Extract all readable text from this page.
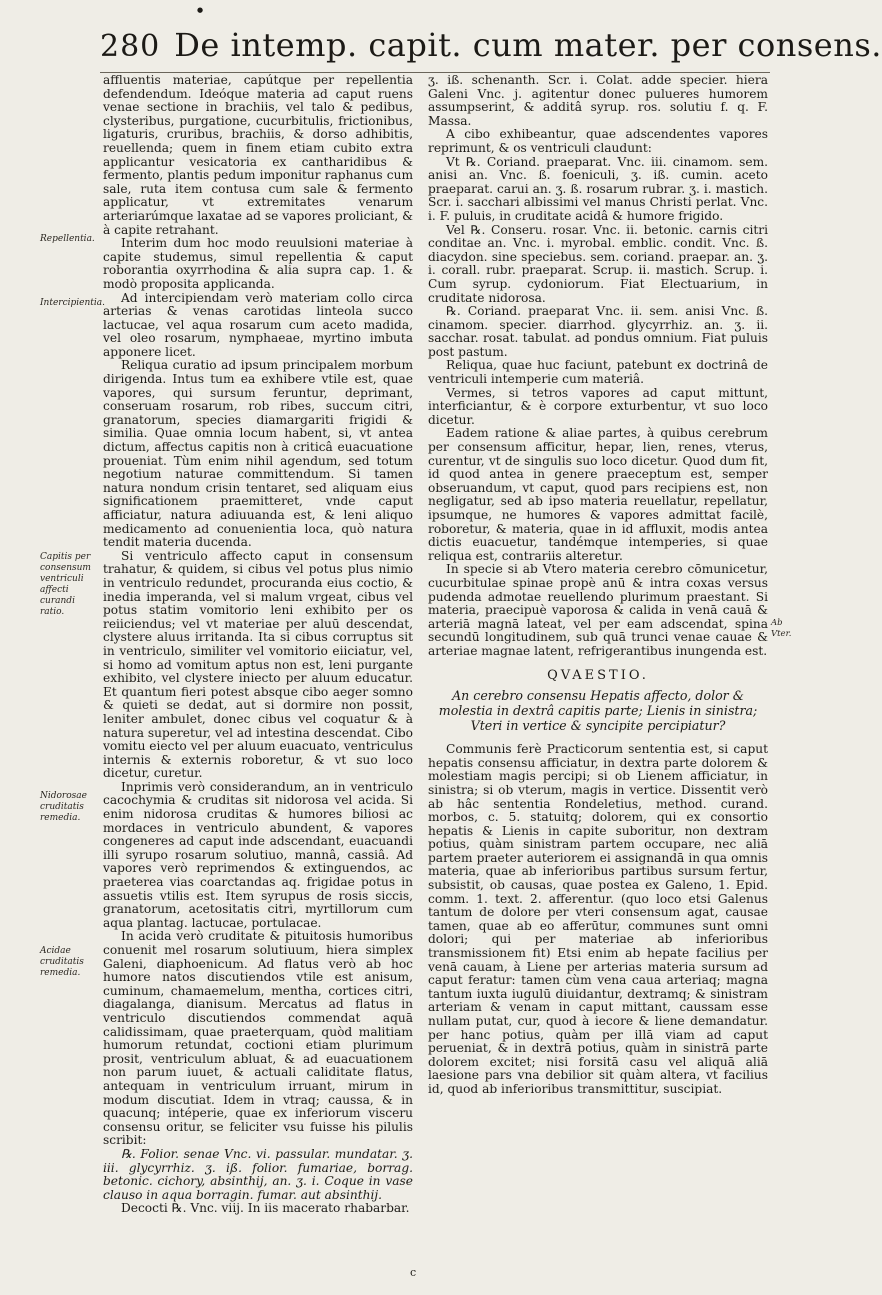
●
280 De intemp. capit. cum mater. per consens.
Repellentia.
Intercipientia.
Capitis per consensum ventriculi affecti curandi ratio.
Nidorosae cruditatis remedia.
Acidae cruditatis remedia.
Ab Vter.

affluentis materiae, capútque per repellentia defendendum. Ideóque materia ad caput ruens venae sectione in brachiis, vel talo & pedibus, clysteribus, purgatione, cucurbitulis, frictionibus, ligaturis, cruribus, brachiis, & dorso adhibitis, reuellenda; quem in finem etiam cubito extra applicantur vesicatoria ex cantharidibus & fermento, plantis pedum imponitur raphanus cum sale, ruta item contusa cum sale & fermento applicatur, vt extremitates venarum arteriarúmque laxatae ad se vapores proliciant, & à capite retrahant.

Interim dum hoc modo reuulsioni materiae à capite studemus, simul repellentia & caput roborantia oxyrrhodina & alia supra cap. 1. & modò proposita applicanda.

Ad intercipiendam verò materiam collo circa arterias & venas carotidas linteola succo lactucae, vel aqua rosarum cum aceto madida, vel oleo rosarum, nymphaeae, myrtino imbuta apponere licet.

Reliqua curatio ad ipsum principalem morbum dirigenda. Intus tum ea exhibere vtile est, quae vapores, qui sursum feruntur, deprimant, conseruam rosarum, rob ribes, succum citri, granatorum, species diamargariti frigidi & similia. Quae omnia locum habent, si, vt antea dictum, affectus capitis non à criticâ euacuatione proueniat. Tùm enim nihil agendum, sed totum negotium naturae committendum. Si tamen natura nondum crisin tentaret, sed aliquam eius significationem praemitteret, vnde caput afficiatur, natura adiuuanda est, & leni aliquo medicamento ad conuenientia loca, quò natura tendit materia ducenda.

Si ventriculo affecto caput in consensum trahatur, & quidem, si cibus vel potus plus nimio in ventriculo redundet, procuranda eius coctio, & inedia imperanda, vel si malum vrgeat, cibus vel potus statim vomitorio leni exhibito per os reiiciendus; vel vt materiae per aluū descendat, clystere aluus irritanda. Ita si cibus corruptus sit in ventriculo, similiter vel vomitorio eiiciatur, vel, si homo ad vomitum aptus non est, leni purgante exhibito, vel clystere iniecto per aluum educatur. Et quantum fieri potest absque cibo aeger somno & quieti se dedat, aut si dormire non possit, leniter ambulet, donec cibus vel coquatur & à natura superetur, vel ad intestina descendat. Cibo vomitu eiecto vel per aluum euacuato, ventriculus internis & externis roboretur, & vt suo loco dicetur, curetur.

Inprimis verò considerandum, an in ventriculo cacochymia & cruditas sit nidorosa vel acida. Si enim nidorosa cruditas & humores biliosi ac mordaces in ventriculo abundent, & vapores congeneres ad caput inde adscendant, euacuandi illi syrupo rosarum solutiuo, mannâ, cassiâ. Ad vapores verò reprimendos & extinguendos, ac praeterea vias coarctandas aq. frigidae potus in assuetis vtilis est. Item syrupus de rosis siccis, granatorum, acetositatis citri, myrtillorum cum aqua plantag. lactucae, portulacae.

In acida verò cruditate & pituitosis humoribus conuenit mel rosarum solutiuum, hiera simplex Galeni, diaphoenicum. Ad flatus verò ab hoc humore natos discutiendos vtile est anisum, cuminum, chamaemelum, mentha, cortices citri, diagalanga, dianisum. Mercatus ad flatus in ventriculo discutiendos commendat aquā calidissimam, quae praeterquam, quòd malitiam humorum retundat, coctioni etiam plurimum prosit, ventriculum abluat, & ad euacuationem non parum iuuet, & actuali caliditate flatus, antequam in ventriculum irruant, mirum in modum discutiat. Idem in vtraq; caussa, & in quacunq; intéperie, quae ex inferiorum visceru consensu oritur, se feliciter vsu fuisse his pilulis scribit:

℞. Folior. senae Vnc. vi. passular. mundatar. ʒ. iii. glycyrrhiz. ʒ. iß. folior. fumariae, borrag. betonic. cichory, absinthij, an. ʒ. i. Coque in vase clauso in aqua borragin. fumar. aut absinthij.

Decocti ℞. Vnc. viij. In iis macerato rhabarbar.

ʒ. iß. schenanth. Scr. i. Colat. adde specier. hiera Galeni Vnc. j. agitentur donec pulueres humorem assumpserint, & additâ syrup. ros. solutiu f. q. F. Massa.

A cibo exhibeantur, quae adscendentes vapores reprimunt, & os ventriculi claudunt:

Vt ℞. Coriand. praeparat. Vnc. iii. cinamom. sem. anisi an. Vnc. ß. foeniculi, ʒ. iß. cumin. aceto praeparat. carui an. ʒ. ß. rosarum rubrar. ʒ. i. mastich. Scr. i. sacchari albissimi vel manus Christi perlat. Vnc. i. F. puluis, in cruditate acidâ & humore frigido.

Vel ℞. Conseru. rosar. Vnc. ii. betonic. carnis citri conditae an. Vnc. i. myrobal. emblic. condit. Vnc. ß. diacydon. sine speciebus. sem. coriand. praepar. an. ʒ. i. corall. rubr. praeparat. Scrup. ii. mastich. Scrup. i. Cum syrup. cydoniorum. Fiat Electuarium, in cruditate nidorosa.

℞. Coriand. praeparat Vnc. ii. sem. anisi Vnc. ß. cinamom. specier. diarrhod. glycyrrhiz. an. ʒ. ii. sacchar. rosat. tabulat. ad pondus omnium. Fiat puluis post pastum.

Reliqua, quae huc faciunt, patebunt ex doctrinâ de ventriculi intemperie cum materiâ.

Vermes, si tetros vapores ad caput mittunt, interficiantur, & è corpore exturbentur, vt suo loco dicetur.

Eadem ratione & aliae partes, à quibus cerebrum per consensum afficitur, hepar, lien, renes, vterus, curentur, vt de singulis suo loco dicetur. Quod dum fit, id quod antea in genere praeceptum est, semper obseruandum, vt caput, quod pars recipiens est, non negligatur, sed ab ipso materia reuellatur, repellatur, ipsumque, ne humores & vapores admittat facilè, roboretur, & materia, quae in id affluxit, modis antea dictis euacuetur, tandémque intemperies, si quae reliqua est, contrariis alteretur.

In specie si ab Vtero materia cerebro cōmunicetur, cucurbitulae spinae propè anū & intra coxas versus pudenda admotae reuellendo plurimum praestant. Si materia, praecipuè vaporosa & calida in venā cauā & arteriā magnā lateat, vel per eam adscendat, spina secundū longitudinem, sub quā trunci venae cauae & arteriae magnae latent, refrigerantibus inungenda est.

QVAESTIO.

An cerebro consensu Hepatis affecto, dolor & molestia in dextrâ capitis parte; Lienis in sinistra; Vteri in vertice & syncipite percipiatur?

Communis ferè Practicorum sententia est, si caput hepatis consensu afficiatur, in dextra parte dolorem & molestiam magis percipi; si ob Lienem afficiatur, in sinistra; si ob vterum, magis in vertice. Dissentit verò ab hâc sententia Rondeletius, method. curand. morbos, c. 5. statuitq; dolorem, qui ex consortio hepatis & Lienis in capite suboritur, non dextram potius, quàm sinistram partem occupare, nec aliā partem praeter auteriorem ei assignandā in qua omnis materia, quae ab inferioribus partibus sursum fertur, subsistit, ob causas, quae postea ex Galeno, 1. Epid. comm. 1. text. 2. afferentur. (quo loco etsi Galenus tantum de dolore per vteri consensum agat, causae tamen, quae ab eo afferūtur, communes sunt omni dolori; qui per materiae ab inferioribus transmissionem fit) Etsi enim ab hepate facilius per venā cauam, à Liene per arterias materia sursum ad caput feratur: tamen cùm vena caua arteriaq; magna tantum iuxta iugulū diuidantur, dextramq; & sinistram arteriam & venam in caput mittant, caussam esse nullam putat, cur, quod à iecore & liene demandatur. per hanc potius, quàm per illā viam ad caput perueniat, & in dextrā potius, quàm in sinistrā parte dolorem excitet; nisi forsitā casu vel aliquā aliā laesione pars vna debilior sit quàm altera, vt facilius id, quod ab inferioribus transmittitur, suscipiat.

c
